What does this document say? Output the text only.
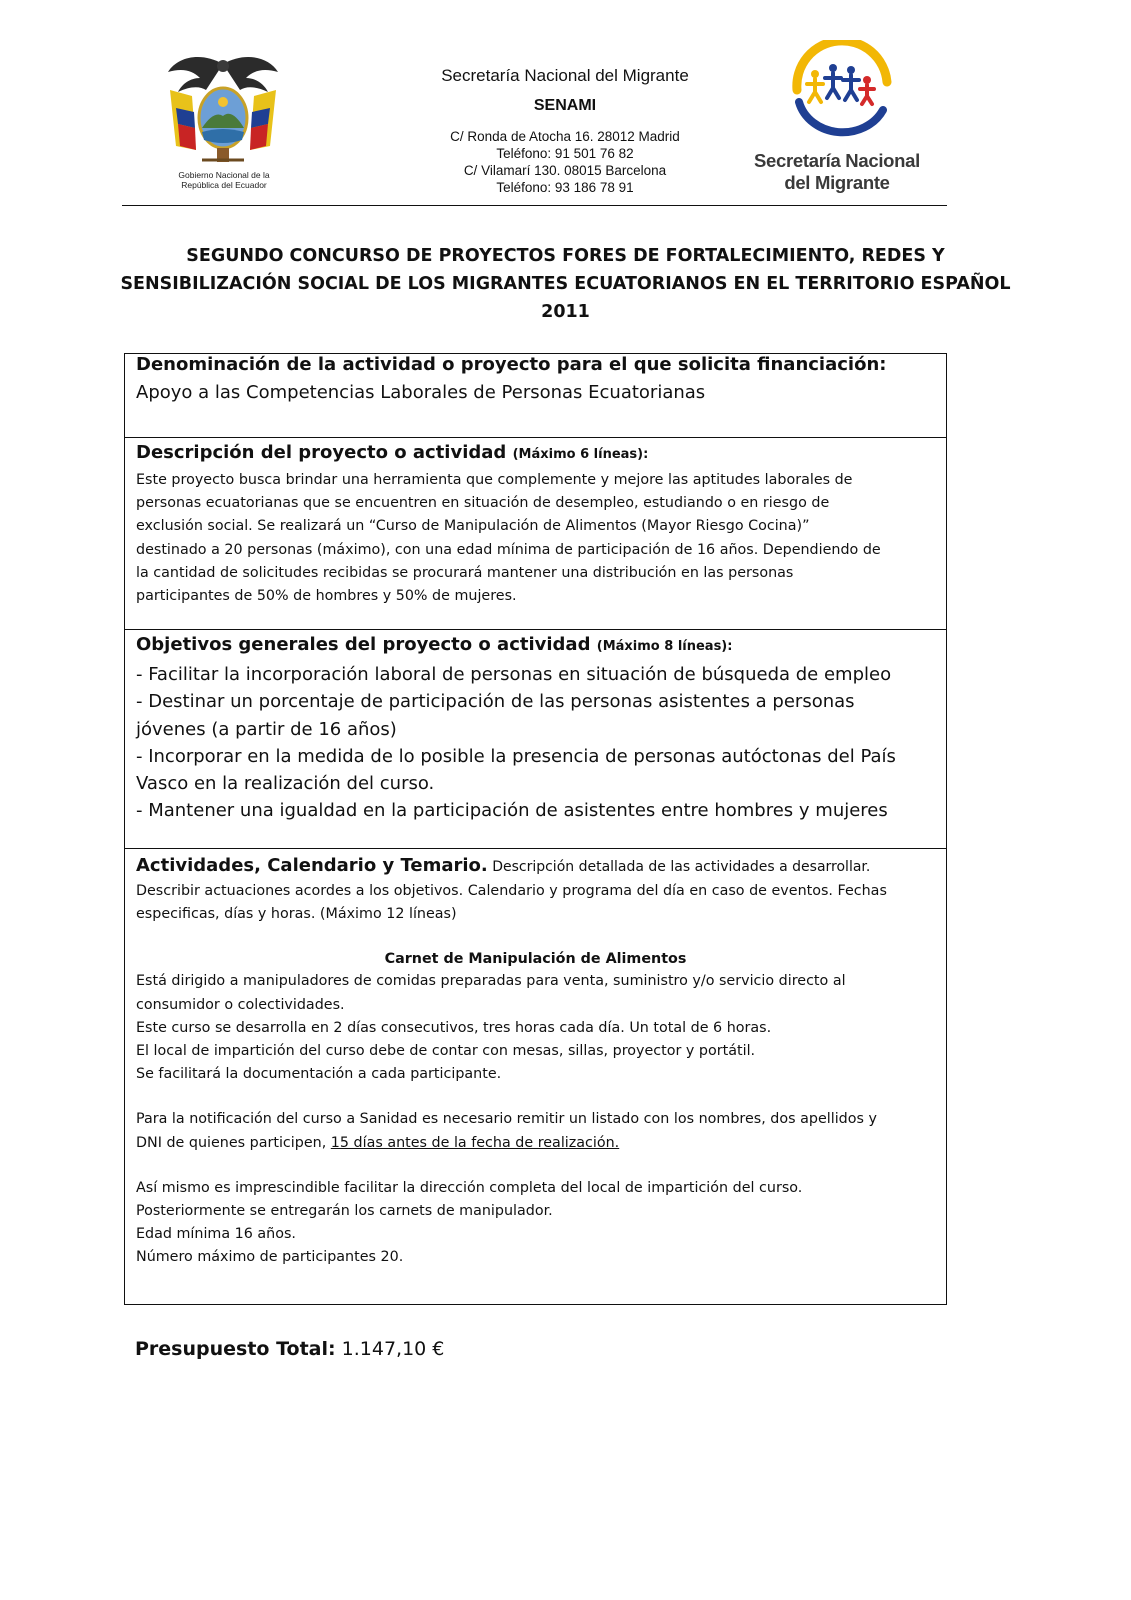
Gobierno Nacional de la
República del Ecuador
Secretaría Nacional del Migrante
SENAMI
C/ Ronda de Atocha 16. 28012 Madrid
Teléfono: 91 501 76 82
C/ Vilamarí 130. 08015 Barcelona
Teléfono: 93 186 78 91
Secretaría Nacional
del Migrante
SEGUNDO CONCURSO DE PROYECTOS FORES DE FORTALECIMIENTO, REDES Y
SENSIBILIZACIÓN SOCIAL DE LOS MIGRANTES ECUATORIANOS EN EL TERRITORIO ESPAÑOL
2011
Denominación de la actividad o proyecto para el que solicita financiación:
Apoyo a las Competencias Laborales de Personas Ecuatorianas
Descripción del proyecto o actividad (Máximo 6 líneas):
Este proyecto busca brindar una herramienta que complemente y mejore las aptitudes laborales de
personas ecuatorianas que se encuentren en situación de desempleo, estudiando o en riesgo de
exclusión social. Se realizará un “Curso de Manipulación de Alimentos (Mayor Riesgo Cocina)”
destinado a 20 personas (máximo), con una edad mínima de participación de 16 años. Dependiendo de
la cantidad de solicitudes recibidas se procurará mantener una distribución en las personas
participantes de 50% de hombres y 50% de mujeres.
Objetivos generales del proyecto o actividad (Máximo 8 líneas):
- Facilitar la incorporación laboral de personas en situación de búsqueda de empleo
- Destinar un porcentaje de participación de las personas asistentes a personas
jóvenes (a partir de 16 años)
- Incorporar en la medida de lo posible la presencia de personas autóctonas del País
Vasco en la realización del curso.
- Mantener una igualdad en la participación de asistentes entre hombres y mujeres
Actividades, Calendario y Temario. Descripción detallada de las actividades a desarrollar.
Describir actuaciones acordes a los objetivos. Calendario y programa del día en caso de eventos. Fechas
especificas, días y horas. (Máximo 12 líneas)
Carnet de Manipulación de Alimentos
Está dirigido a manipuladores de comidas preparadas para venta, suministro y/o servicio directo al
consumidor o colectividades.
Este curso se desarrolla en 2 días consecutivos, tres horas cada día. Un total de 6 horas.
El local de impartición del curso debe de contar con mesas, sillas, proyector y portátil.
Se facilitará la documentación a cada participante.
Para la notificación del curso a Sanidad es necesario remitir un listado con los nombres, dos apellidos y
DNI de quienes participen, 15 días antes de la fecha de realización.
Así mismo es imprescindible facilitar la dirección completa del local de impartición del curso.
Posteriormente se entregarán los carnets de manipulador.
Edad mínima 16 años.
Número máximo de participantes 20.
Presupuesto Total: 1.147,10 €
